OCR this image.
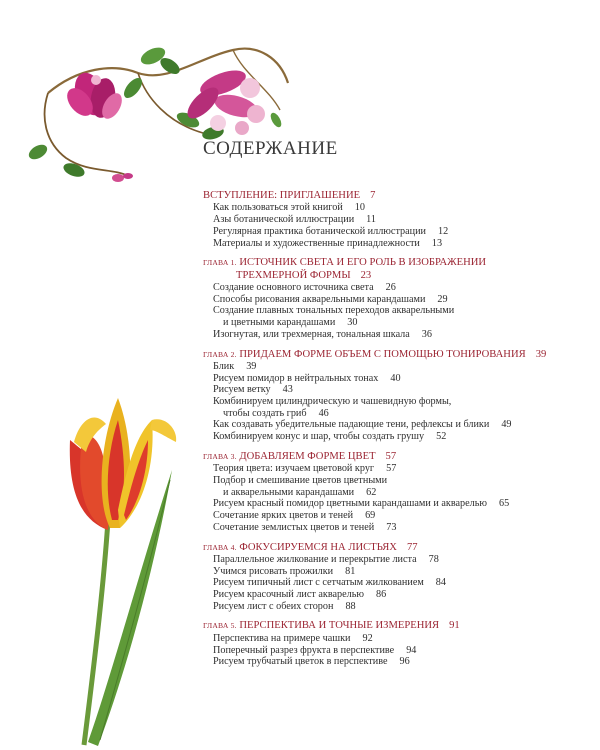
СОДЕРЖАНИЕ
ВСТУПЛЕНИЕ: ПРИГЛАШЕНИЕ 7
Как пользоваться этой книгой 10
Азы ботанической иллюстрации 11
Регулярная практика ботанической иллюстрации 12
Материалы и художественные принадлежности 13
ГЛАВА 1. ИСТОЧНИК СВЕТА И ЕГО РОЛЬ В ИЗОБРАЖЕНИИ
ТРЕХМЕРНОЙ ФОРМЫ 23
Создание основного источника света 26
Способы рисования акварельными карандашами 29
Создание плавных тональных переходов акварельными
и цветными карандашами 30
Изогнутая, или трехмерная, тональная шкала 36
ГЛАВА 2. ПРИДАЕМ ФОРМЕ ОБЪЕМ С ПОМОЩЬЮ ТОНИРОВАНИЯ 39
Блик 39
Рисуем помидор в нейтральных тонах 40
Рисуем ветку 43
Комбинируем цилиндрическую и чашевидную формы,
чтобы создать гриб 46
Как создавать убедительные падающие тени, рефлексы и блики 49
Комбинируем конус и шар, чтобы создать грушу 52
ГЛАВА 3. ДОБАВЛЯЕМ ФОРМЕ ЦВЕТ 57
Теория цвета: изучаем цветовой круг 57
Подбор и смешивание цветов цветными
и акварельными карандашами 62
Рисуем красный помидор цветными карандашами и акварелью 65
Сочетание ярких цветов и теней 69
Сочетание землистых цветов и теней 73
ГЛАВА 4. ФОКУСИРУЕМСЯ НА ЛИСТЬЯХ 77
Параллельное жилкование и перекрытие листа 78
Учимся рисовать прожилки 81
Рисуем типичный лист с сетчатым жилкованием 84
Рисуем красочный лист акварелью 86
Рисуем лист с обеих сторон 88
ГЛАВА 5. ПЕРСПЕКТИВА И ТОЧНЫЕ ИЗМЕРЕНИЯ 91
Перспектива на примере чашки 92
Поперечный разрез фрукта в перспективе 94
Рисуем трубчатый цветок в перспективе 96
